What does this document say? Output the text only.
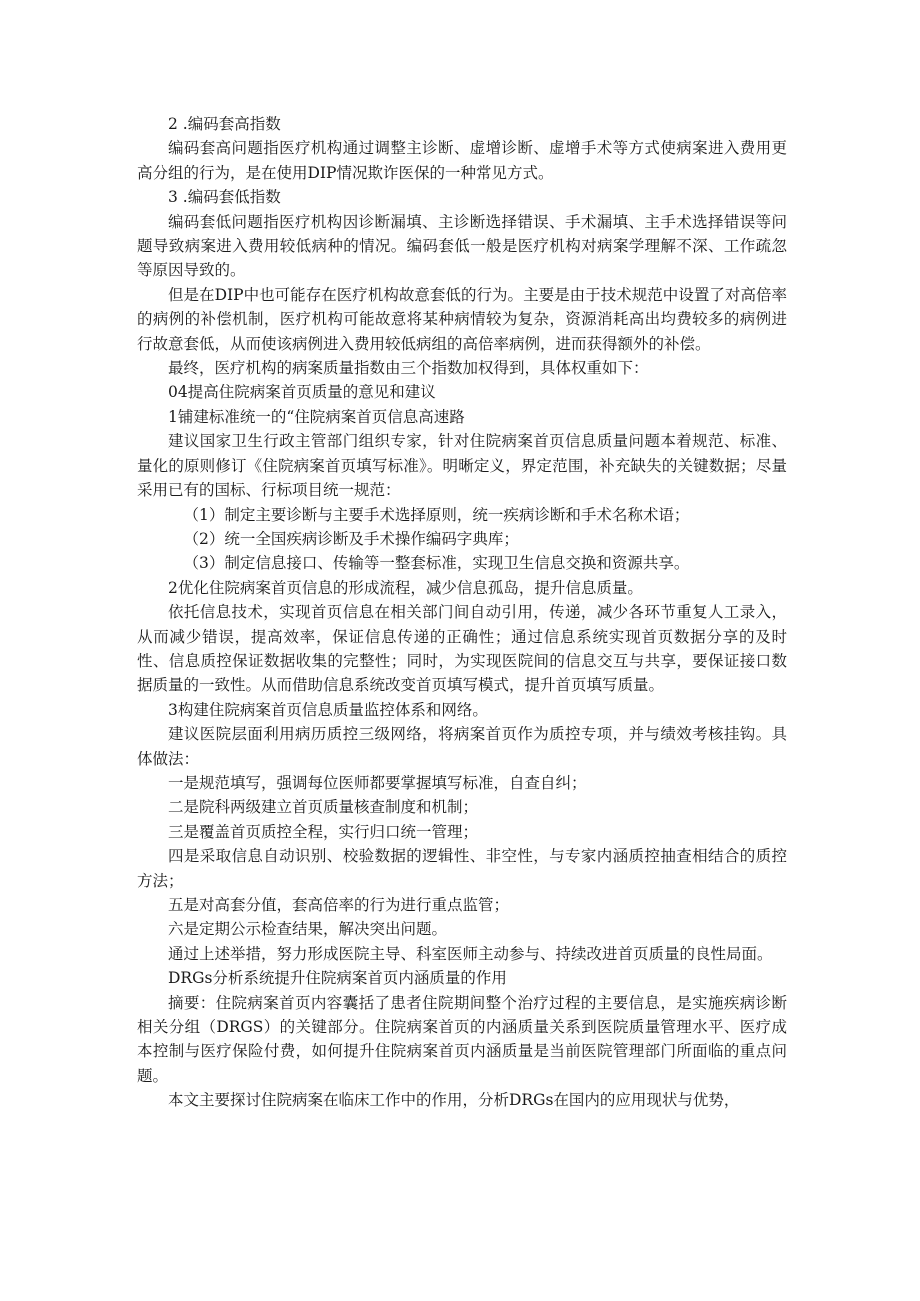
2 .编码套高指数

编码套高问题指医疗机构通过调整主诊断、虚增诊断、虚增手术等方式使病案进入费用更高分组的行为，是在使用DIP情况欺诈医保的一种常见方式。

3 .编码套低指数

编码套低问题指医疗机构因诊断漏填、主诊断选择错误、手术漏填、主手术选择错误等问题导致病案进入费用较低病种的情况。编码套低一般是医疗机构对病案学理解不深、工作疏忽等原因导致的。

但是在DIP中也可能存在医疗机构故意套低的行为。主要是由于技术规范中设置了对高倍率的病例的补偿机制，医疗机构可能故意将某种病情较为复杂，资源消耗高出均费较多的病例进行故意套低，从而使该病例进入费用较低病组的高倍率病例，进而获得额外的补偿。

最终，医疗机构的病案质量指数由三个指数加权得到，具体权重如下：

04提高住院病案首页质量的意见和建议

1铺建标准统一的“住院病案首页信息高速路

建议国家卫生行政主管部门组织专家，针对住院病案首页信息质量问题本着规范、标准、量化的原则修订《住院病案首页填写标准》。明晰定义，界定范围，补充缺失的关键数据；尽量采用已有的国标、行标项目统一规范：

（1）制定主要诊断与主要手术选择原则，统一疾病诊断和手术名称术语；

（2）统一全国疾病诊断及手术操作编码字典库；

（3）制定信息接口、传输等一整套标准，实现卫生信息交换和资源共享。

2优化住院病案首页信息的形成流程，减少信息孤岛，提升信息质量。

依托信息技术，实现首页信息在相关部门间自动引用，传递，减少各环节重复人工录入，从而减少错误，提高效率，保证信息传递的正确性；通过信息系统实现首页数据分享的及时性、信息质控保证数据收集的完整性；同时，为实现医院间的信息交互与共享，要保证接口数据质量的一致性。从而借助信息系统改变首页填写模式，提升首页填写质量。

3构建住院病案首页信息质量监控体系和网络。

建议医院层面利用病历质控三级网络，将病案首页作为质控专项，并与绩效考核挂钩。具体做法：

一是规范填写，强调每位医师都要掌握填写标准，自查自纠；

二是院科两级建立首页质量核查制度和机制；

三是覆盖首页质控全程，实行归口统一管理；

四是采取信息自动识别、校验数据的逻辑性、非空性，与专家内涵质控抽查相结合的质控方法；

五是对高套分值，套高倍率的行为进行重点监管；

六是定期公示检查结果，解决突出问题。

通过上述举措，努力形成医院主导、科室医师主动参与、持续改进首页质量的良性局面。

DRGs分析系统提升住院病案首页内涵质量的作用

摘要：住院病案首页内容囊括了患者住院期间整个治疗过程的主要信息，是实施疾病诊断相关分组（DRGS）的关键部分。住院病案首页的内涵质量关系到医院质量管理水平、医疗成本控制与医疗保险付费，如何提升住院病案首页内涵质量是当前医院管理部门所面临的重点问题。

本文主要探讨住院病案在临床工作中的作用，分析DRGs在国内的应用现状与优势，
